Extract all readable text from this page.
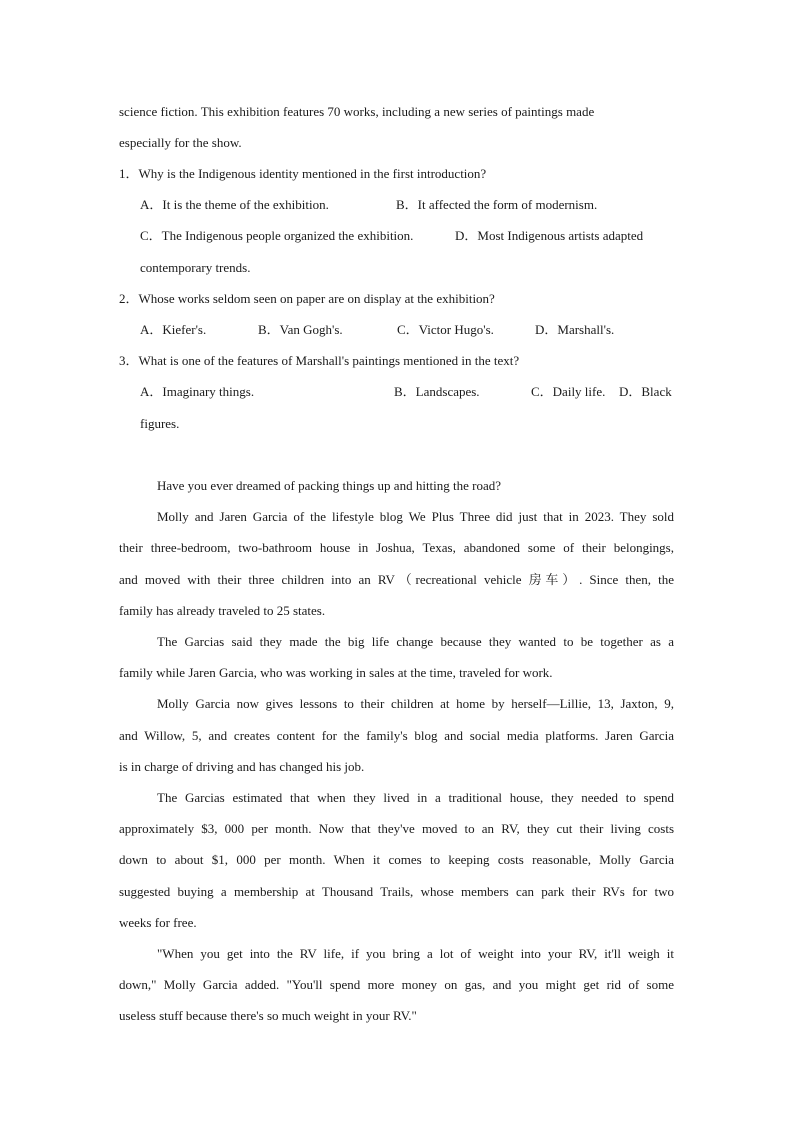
science fiction. This exhibition features 70 works, including a new series of paintings made
especially for the show.
1．Why is the Indigenous identity mentioned in the first introduction?
A．It is the theme of the exhibition.	B．It affected the form of modernism.
C．The Indigenous people organized the exhibition.	D．Most Indigenous artists adapted
contemporary trends.
2．Whose works seldom seen on paper are on display at the exhibition?
A．Kiefer's.	B．Van Gogh's.	C．Victor Hugo's.	D．Marshall's.
3．What is one of the features of Marshall's paintings mentioned in the text?
A．Imaginary things.	B．Landscapes.	C．Daily life. D．Black
figures.
Have you ever dreamed of packing things up and hitting the road?
Molly and Jaren Garcia of the lifestyle blog We Plus Three did just that in 2023. They sold
their three-bedroom, two-bathroom house in Joshua, Texas, abandoned some of their belongings,
and moved with their three children into an RV（recreational vehicle 房车）. Since then, the
family has already traveled to 25 states.
The Garcias said they made the big life change because they wanted to be together as a
family while Jaren Garcia, who was working in sales at the time, traveled for work.
Molly Garcia now gives lessons to their children at home by herself—Lillie, 13, Jaxton, 9,
and Willow, 5, and creates content for the family's blog and social media platforms. Jaren Garcia
is in charge of driving and has changed his job.
The Garcias estimated that when they lived in a traditional house, they needed to spend
approximately $3, 000 per month. Now that they've moved to an RV, they cut their living costs
down to about $1, 000 per month. When it comes to keeping costs reasonable, Molly Garcia
suggested buying a membership at Thousand Trails, whose members can park their RVs for two
weeks for free.
"When you get into the RV life, if you bring a lot of weight into your RV, it'll weigh it
down," Molly Garcia added. "You'll spend more money on gas, and you might get rid of some
useless stuff because there's so much weight in your RV."
